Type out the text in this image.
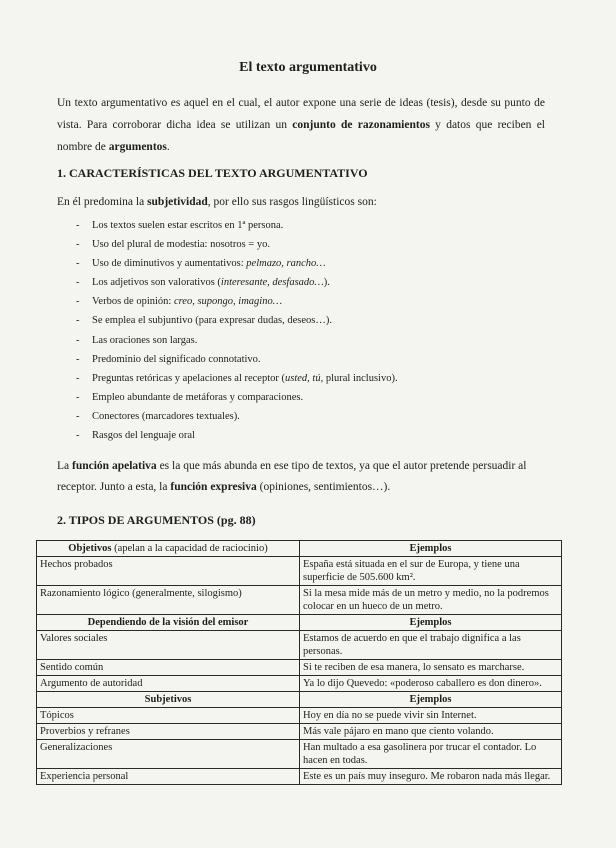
El texto argumentativo
Un texto argumentativo es aquel en el cual, el autor expone una serie de ideas (tesis), desde su punto de vista. Para corroborar dicha idea se utilizan un conjunto de razonamientos y datos que reciben el nombre de argumentos.
1. CARACTERÍSTICAS DEL TEXTO ARGUMENTATIVO
En él predomina la subjetividad, por ello sus rasgos lingüísticos son:
- Los textos suelen estar escritos en 1ª persona.
- Uso del plural de modestia: nosotros = yo.
- Uso de diminutivos y aumentativos: pelmazo, rancho…
- Los adjetivos son valorativos (interesante, desfasado…).
- Verbos de opinión: creo, supongo, imagino…
- Se emplea el subjuntivo (para expresar dudas, deseos…).
- Las oraciones son largas.
- Predominio del significado connotativo.
- Preguntas retóricas y apelaciones al receptor (usted, tú, plural inclusivo).
- Empleo abundante de metáforas y comparaciones.
- Conectores (marcadores textuales).
- Rasgos del lenguaje oral
La función apelativa es la que más abunda en ese tipo de textos, ya que el autor pretende persuadir al receptor. Junto a esta, la función expresiva (opiniones, sentimientos…).
2. TIPOS DE ARGUMENTOS (pg. 88)
Objetivos (apelan a la capacidad de raciocinio)	Ejemplos
Hechos probados	España está situada en el sur de Europa, y tiene una superficie de 505.600 km².
Razonamiento lógico (generalmente, silogismo)	Si la mesa mide más de un metro y medio, no la podremos colocar en un hueco de un metro.
Dependiendo de la visión del emisor	Ejemplos
Valores sociales	Estamos de acuerdo en que el trabajo dignifica a las personas.
Sentido común	Si te reciben de esa manera, lo sensato es marcharse.
Argumento de autoridad	Ya lo dijo Quevedo: «poderoso caballero es don dinero».
Subjetivos	Ejemplos
Tópicos	Hoy en día no se puede vivir sin Internet.
Proverbios y refranes	Más vale pájaro en mano que ciento volando.
Generalizaciones	Han multado a esa gasolinera por trucar el contador. Lo hacen en todas.
Experiencia personal	Este es un país muy inseguro. Me robaron nada más llegar.
